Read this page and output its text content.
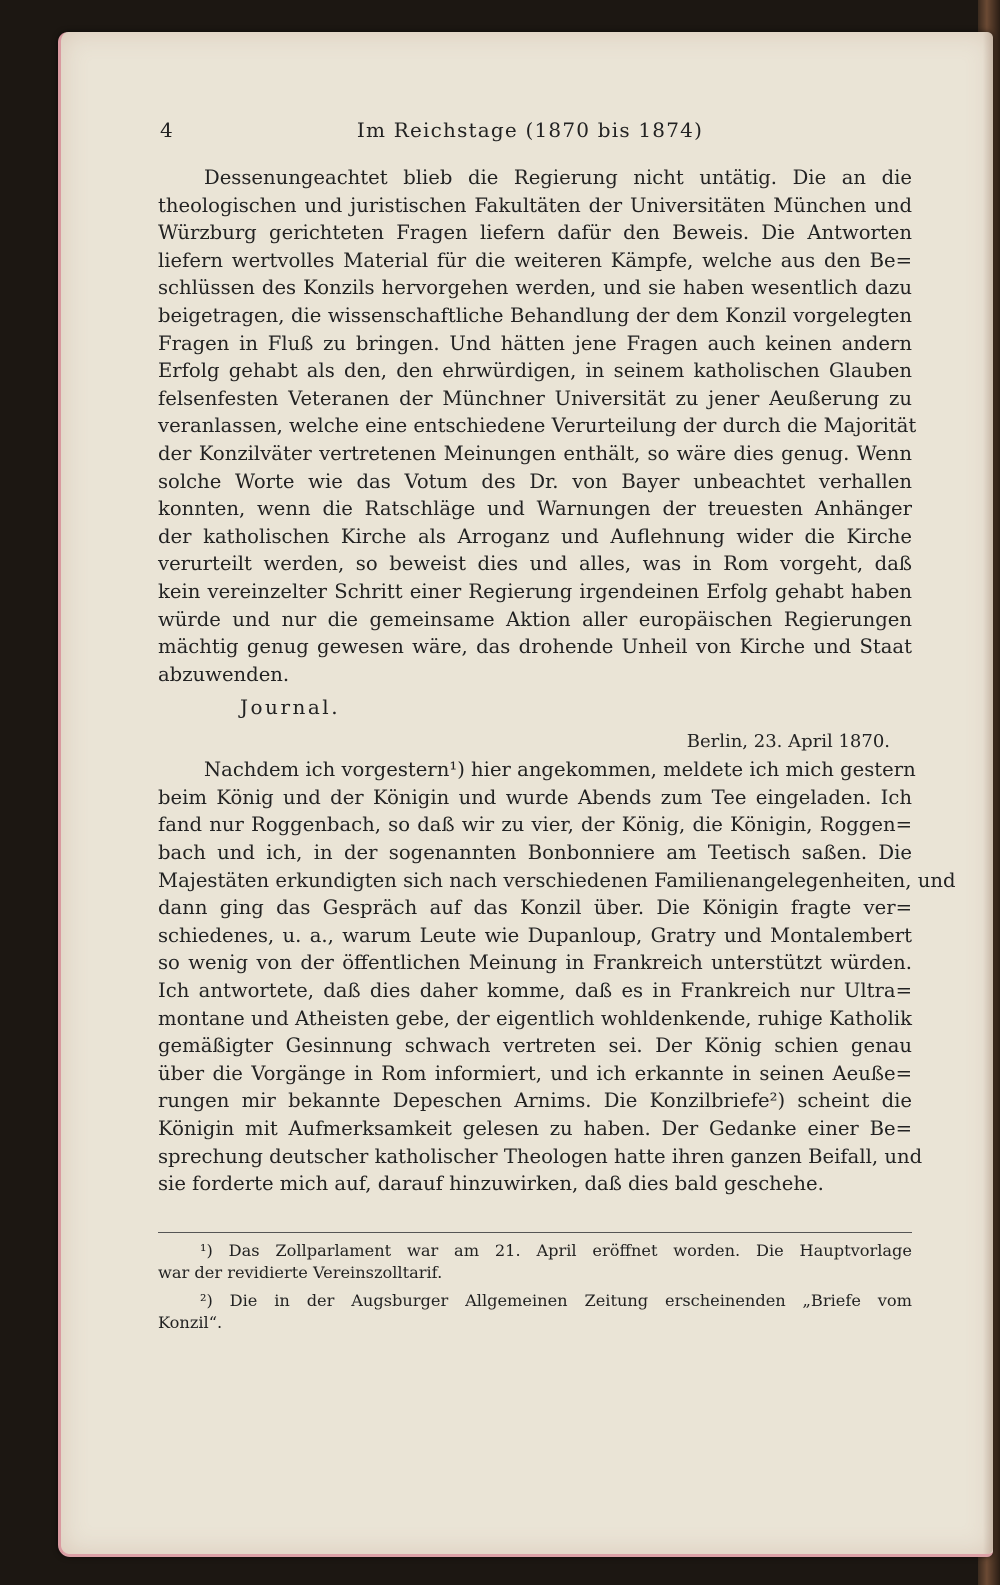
4	Im Reichstage (1870 bis 1874)
Dessenungeachtet blieb die Regierung nicht untätig. Die an die
theologischen und juristischen Fakultäten der Universitäten München und
Würzburg gerichteten Fragen liefern dafür den Beweis. Die Antworten
liefern wertvolles Material für die weiteren Kämpfe, welche aus den Be=
schlüssen des Konzils hervorgehen werden, und sie haben wesentlich dazu
beigetragen, die wissenschaftliche Behandlung der dem Konzil vorgelegten
Fragen in Fluß zu bringen. Und hätten jene Fragen auch keinen andern
Erfolg gehabt als den, den ehrwürdigen, in seinem katholischen Glauben
felsenfesten Veteranen der Münchner Universität zu jener Aeußerung zu
veranlassen, welche eine entschiedene Verurteilung der durch die Majorität
der Konzilväter vertretenen Meinungen enthält, so wäre dies genug. Wenn
solche Worte wie das Votum des Dr. von Bayer unbeachtet verhallen
konnten, wenn die Ratschläge und Warnungen der treuesten Anhänger
der katholischen Kirche als Arroganz und Auflehnung wider die Kirche
verurteilt werden, so beweist dies und alles, was in Rom vorgeht, daß
kein vereinzelter Schritt einer Regierung irgendeinen Erfolg gehabt haben
würde und nur die gemeinsame Aktion aller europäischen Regierungen
mächtig genug gewesen wäre, das drohende Unheil von Kirche und Staat
abzuwenden.
Journal.
Berlin, 23. April 1870.
Nachdem ich vorgestern¹) hier angekommen, meldete ich mich gestern
beim König und der Königin und wurde Abends zum Tee eingeladen. Ich
fand nur Roggenbach, so daß wir zu vier, der König, die Königin, Roggen=
bach und ich, in der sogenannten Bonbonniere am Teetisch saßen. Die
Majestäten erkundigten sich nach verschiedenen Familienangelegenheiten, und
dann ging das Gespräch auf das Konzil über. Die Königin fragte ver=
schiedenes, u. a., warum Leute wie Dupanloup, Gratry und Montalembert
so wenig von der öffentlichen Meinung in Frankreich unterstützt würden.
Ich antwortete, daß dies daher komme, daß es in Frankreich nur Ultra=
montane und Atheisten gebe, der eigentlich wohldenkende, ruhige Katholik
gemäßigter Gesinnung schwach vertreten sei. Der König schien genau
über die Vorgänge in Rom informiert, und ich erkannte in seinen Aeuße=
rungen mir bekannte Depeschen Arnims. Die Konzilbriefe²) scheint die
Königin mit Aufmerksamkeit gelesen zu haben. Der Gedanke einer Be=
sprechung deutscher katholischer Theologen hatte ihren ganzen Beifall, und
sie forderte mich auf, darauf hinzuwirken, daß dies bald geschehe.
¹) Das Zollparlament war am 21. April eröffnet worden. Die Hauptvorlage
war der revidierte Vereinszolltarif.
²) Die in der Augsburger Allgemeinen Zeitung erscheinenden „Briefe vom
Konzil“.
